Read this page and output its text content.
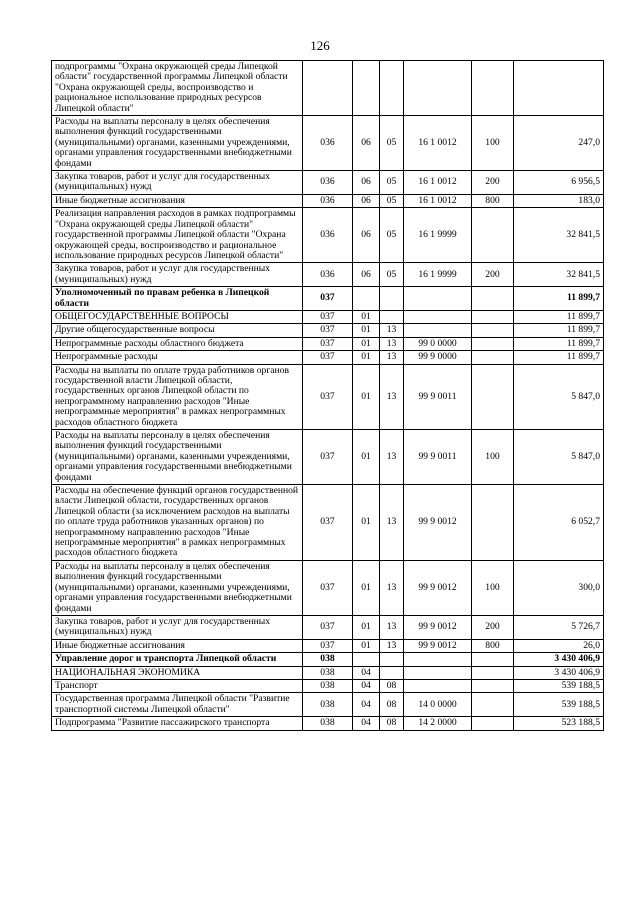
126
подпрограммы "Охрана окружающей среды Липецкой области" государственной программы Липецкой области "Охрана окружающей среды, воспроизводство и рациональное использование природных ресурсов Липецкой области"						
Расходы на выплаты персоналу в целях обеспечения выполнения функций государственными (муниципальными) органами, казенными учреждениями, органами управления государственными внебюджетными фондами	036	06	05	16 1 0012	100	247,0
Закупка товаров, работ и услуг для государственных (муниципальных) нужд	036	06	05	16 1 0012	200	6 956,5
Иные бюджетные ассигнования	036	06	05	16 1 0012	800	183,0
Реализация направления расходов в рамках подпрограммы "Охрана окружающей среды Липецкой области" государственной программы Липецкой области "Охрана окружающей среды, воспроизводство и рациональное использование природных ресурсов Липецкой области"	036	06	05	16 1 9999		32 841,5
Закупка товаров, работ и услуг для государственных (муниципальных) нужд	036	06	05	16 1 9999	200	32 841,5
Уполномоченный по правам ребенка в Липецкой области	037					11 899,7
ОБЩЕГОСУДАРСТВЕННЫЕ ВОПРОСЫ	037	01				11 899,7
Другие общегосударственные вопросы	037	01	13			11 899,7
Непрограммные расходы областного бюджета	037	01	13	99 0 0000		11 899,7
Непрограммные расходы	037	01	13	99 9 0000		11 899,7
Расходы на выплаты по оплате труда работников органов государственной власти Липецкой области, государственных органов Липецкой области по непрограммному направлению расходов "Иные непрограммные мероприятия" в рамках непрограммных расходов областного бюджета	037	01	13	99 9 0011		5 847,0
Расходы на выплаты персоналу в целях обеспечения выполнения функций государственными (муниципальными) органами, казенными учреждениями, органами управления государственными внебюджетными фондами	037	01	13	99 9 0011	100	5 847,0
Расходы на обеспечение функций органов государственной власти Липецкой области, государственных органов Липецкой области (за исключением расходов на выплаты по оплате труда работников указанных органов) по непрограммному направлению расходов "Иные непрограммные мероприятия" в рамках непрограммных расходов областного бюджета	037	01	13	99 9 0012		6 052,7
Расходы на выплаты персоналу в целях обеспечения выполнения функций государственными (муниципальными) органами, казенными учреждениями, органами управления государственными внебюджетными фондами	037	01	13	99 9 0012	100	300,0
Закупка товаров, работ и услуг для государственных (муниципальных) нужд	037	01	13	99 9 0012	200	5 726,7
Иные бюджетные ассигнования	037	01	13	99 9 0012	800	26,0
Управление дорог и транспорта Липецкой области	038					3 430 406,9
НАЦИОНАЛЬНАЯ ЭКОНОМИКА	038	04				3 430 406,9
Транспорт	038	04	08			539 188,5
Государственная программа Липецкой области "Развитие транспортной системы Липецкой области"	038	04	08	14 0 0000		539 188,5
Подпрограмма "Развитие пассажирского транспорта	038	04	08	14 2 0000		523 188,5
